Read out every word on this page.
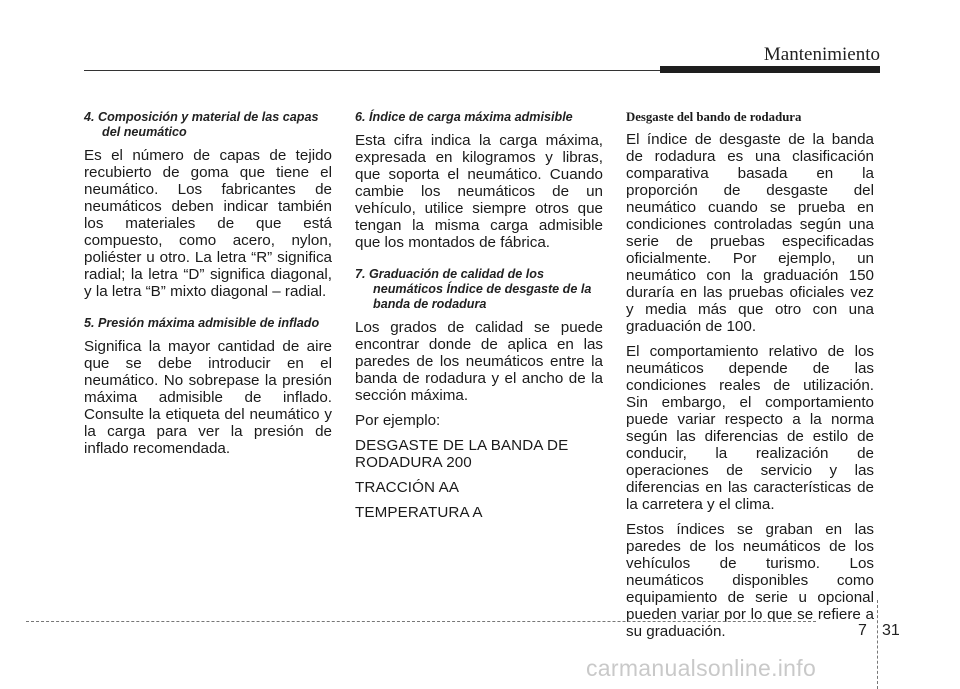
Mantenimiento
4. Composición y material de las capas del neumático

Es el número de capas de tejido recubierto de goma que tiene el neumático. Los fabricantes de neumáticos deben indicar también los materiales de que está compuesto, como acero, nylon, poliéster u otro. La letra “R” significa radial; la letra “D” significa diagonal, y la letra “B” mixto diagonal – radial.

5. Presión máxima admisible de inflado

Significa la mayor cantidad de aire que se debe introducir en el neumático. No sobrepase la presión máxima admisible de inflado. Consulte la etiqueta del neumático y la carga para ver la presión de inflado recomendada.

6. Índice de carga máxima admisible

Esta cifra indica la carga máxima, expresada en kilogramos y libras, que soporta el neumático. Cuando cambie los neumáticos de un vehículo, utilice siempre otros que tengan la misma carga admisible que los montados de fábrica.

7. Graduación de calidad de los neumáticos Índice de desgaste de la banda de rodadura

Los grados de calidad se puede encontrar donde de aplica en las paredes de los neumáticos entre la banda de rodadura y el ancho de la sección máxima.

Por ejemplo:

DESGASTE DE LA BANDA DE RODADURA 200

TRACCIÓN AA

TEMPERATURA A

Desgaste del bando de rodadura

El índice de desgaste de la banda de rodadura es una clasificación comparativa basada en la proporción de desgaste del neumático cuando se prueba en condiciones controladas según una serie de pruebas especificadas oficialmente. Por ejemplo, un neumático con la graduación 150 duraría en las pruebas oficiales vez y media más que otro con una graduación de 100.

El comportamiento relativo de los neumáticos depende de las condiciones reales de utilización. Sin embargo, el comportamiento puede variar respecto a la norma según las diferencias de estilo de conducir, la realización de operaciones de servicio y las diferencias en las características de la carretera y el clima.

Estos índices se graban en las paredes de los neumáticos de los vehículos de turismo. Los neumáticos disponibles como equipamiento de serie u opcional pueden variar por lo que se refiere a su graduación.	7 31
carmanualsonline.info
